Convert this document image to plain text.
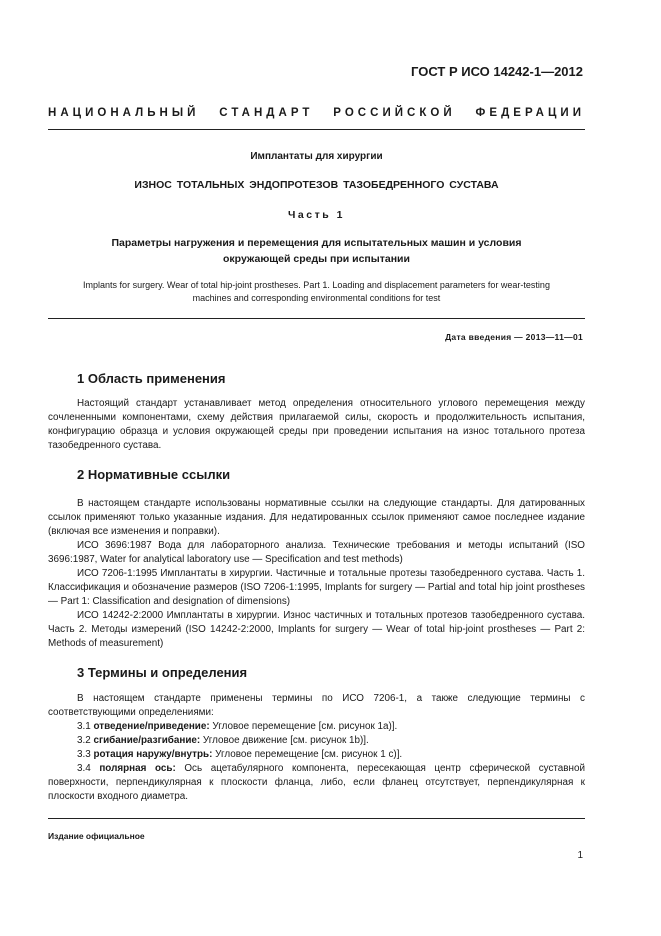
ГОСТ Р ИСО 14242-1—2012
НАЦИОНАЛЬНЫЙ СТАНДАРТ РОССИЙСКОЙ ФЕДЕРАЦИИ
Имплантаты для хирургии
ИЗНОС ТОТАЛЬНЫХ ЭНДОПРОТЕЗОВ ТАЗОБЕДРЕННОГО СУСТАВА
Часть 1
Параметры нагружения и перемещения для испытательных машин и условия
окружающей среды при испытании
Implants for surgery. Wear of total hip-joint prostheses. Part 1. Loading and displacement parameters for wear-testing
machines and corresponding environmental conditions for test
Дата введения — 2013—11—01
1 Область применения

Настоящий стандарт устанавливает метод определения относительного углового перемещения между сочлененными компонентами, схему действия прилагаемой силы, скорость и продолжительность испытания, конфигурацию образца и условия окружающей среды при проведении испытания на износ тотального протеза тазобедренного сустава.

2 Нормативные ссылки

В настоящем стандарте использованы нормативные ссылки на следующие стандарты. Для датированных ссылок применяют только указанные издания. Для недатированных ссылок применяют самое последнее издание (включая все изменения и поправки).

ИСО 3696:1987 Вода для лабораторного анализа. Технические требования и методы испытаний (ISO 3696:1987, Water for analytical laboratory use — Specification and test methods)

ИСО 7206-1:1995 Имплантаты в хирургии. Частичные и тотальные протезы тазобедренного сустава. Часть 1. Классификация и обозначение размеров (ISO 7206-1:1995, Implants for surgery — Partial and total hip joint prostheses — Part 1: Classification and designation of dimensions)

ИСО 14242-2:2000 Имплантаты в хирургии. Износ частичных и тотальных протезов тазобедренного сустава. Часть 2. Методы измерений (ISO 14242-2:2000, Implants for surgery — Wear of total hip-joint prostheses — Part 2: Methods of measurement)

3 Термины и определения

В настоящем стандарте применены термины по ИСО 7206-1, а также следующие термины с соответствующими определениями:

3.1 отведение/приведение: Угловое перемещение [см. рисунок 1а)].

3.2 сгибание/разгибание: Угловое движение [см. рисунок 1b)].

3.3 ротация наружу/внутрь: Угловое перемещение [см. рисунок 1 c)].

3.4 полярная ось: Ось ацетабулярного компонента, пересекающая центр сферической суставной поверхности, перпендикулярная к плоскости фланца, либо, если фланец отсутствует, перпендикулярная к плоскости входного диаметра.

Издание официальное
1
